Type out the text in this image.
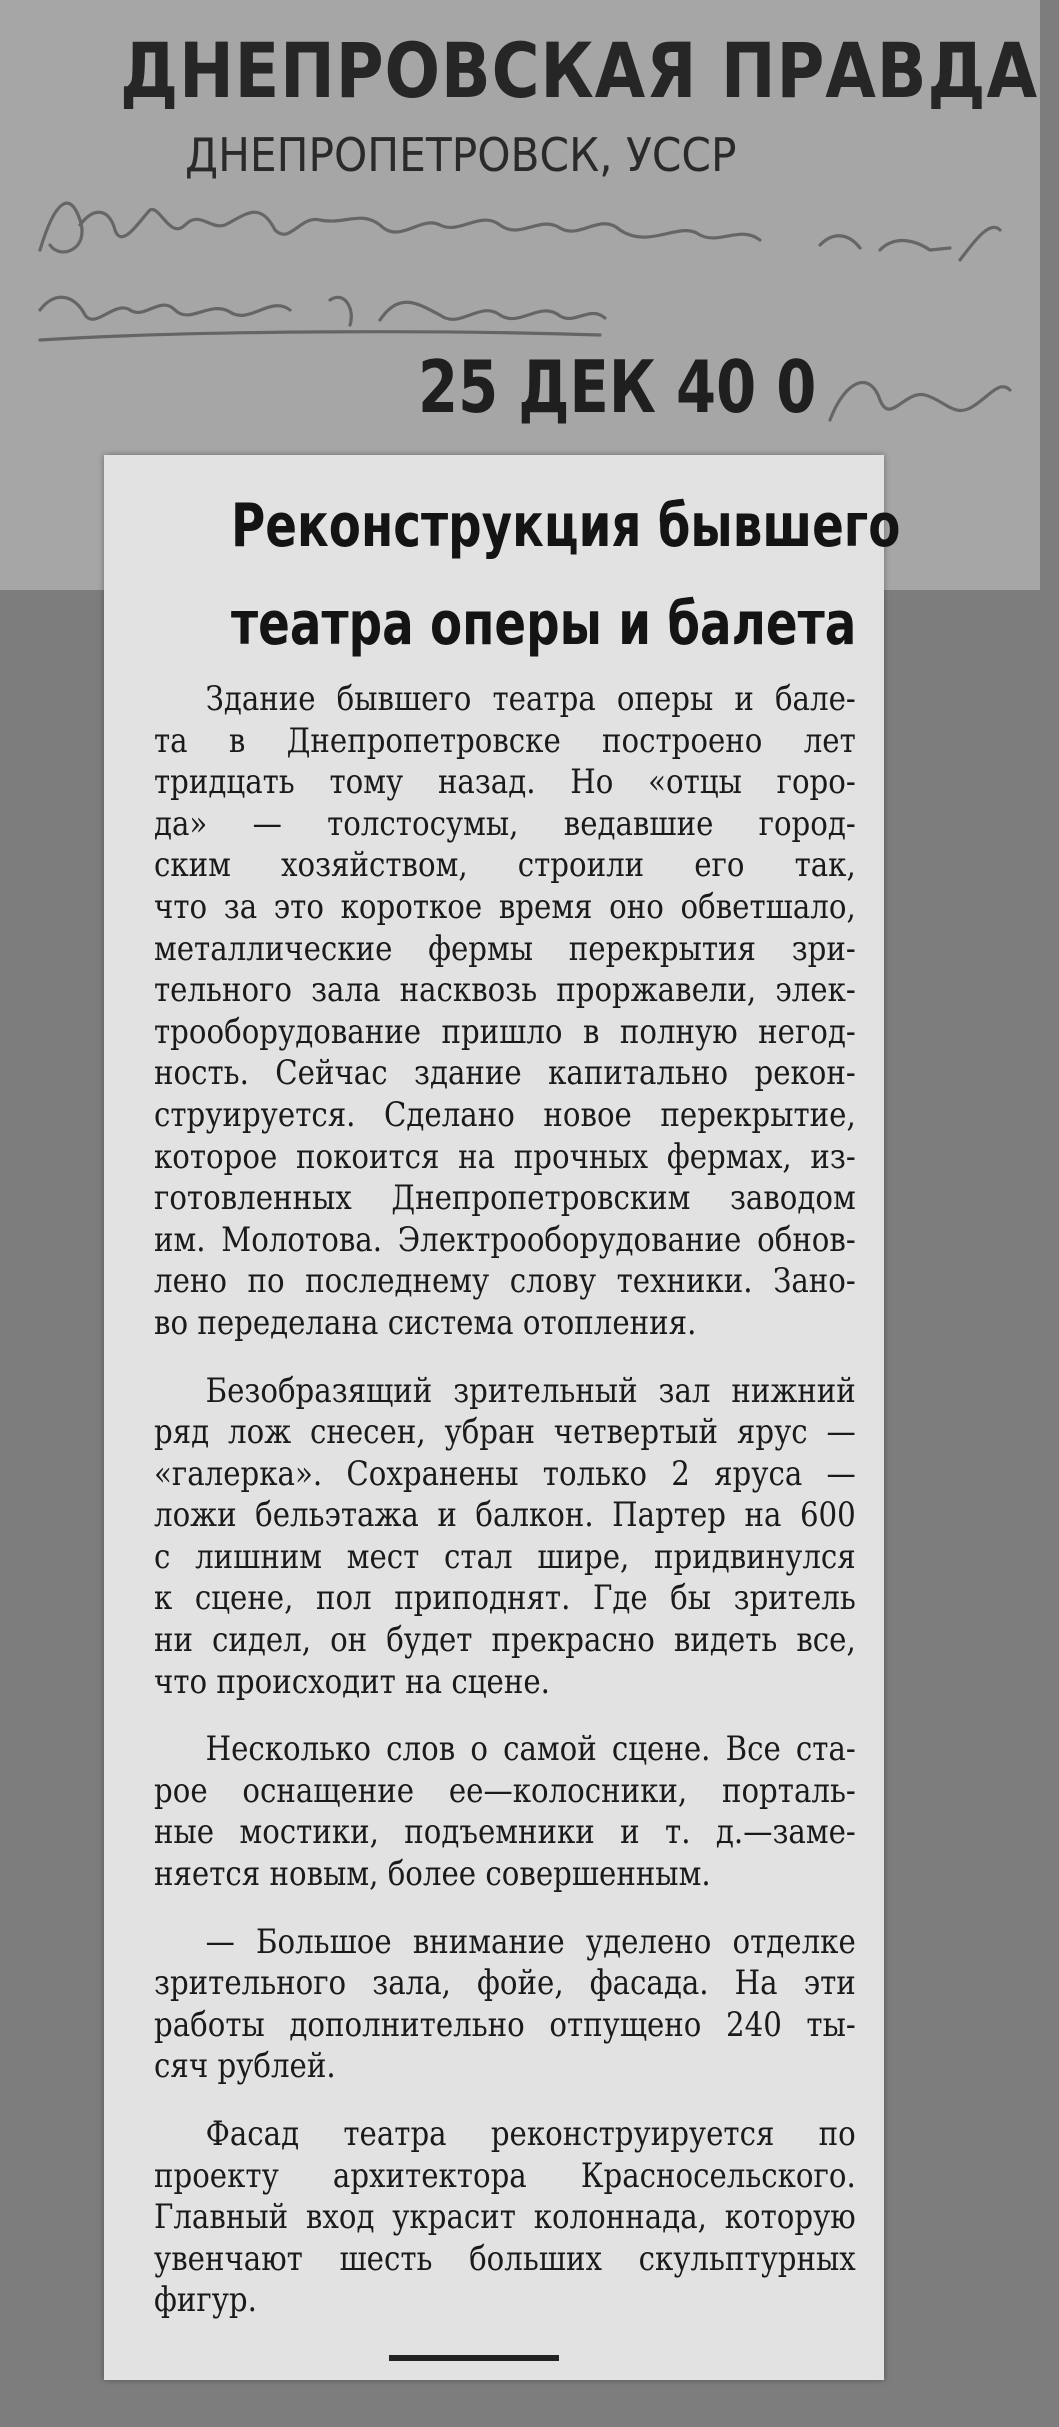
ДНЕПРОВСКАЯ ПРАВДА
ДНЕПРОПЕТРОВСК, УССР
25 ДЕК 40 0
Реконструкция бывшего
театра оперы и балета
Здание бывшего театра оперы и бале-
та в Днепропетровске построено лет
тридцать тому назад. Но «отцы горо-
да» — толстосумы, ведавшие город-
ским хозяйством, строили его так,
что за это короткое время оно обветшало,
металлические фермы перекрытия зри-
тельного зала насквозь проржавели, элек-
трооборудование пришло в полную негод-
ность. Сейчас здание капитально рекон-
струируется. Сделано новое перекрытие,
которое покоится на прочных фермах, из-
готовленных Днепропетровским заводом
им. Молотова. Электрооборудование обнов-
лено по последнему слову техники. Зано-
во переделана система отопления.
Безобразящий зрительный зал нижний
ряд лож снесен, убран четвертый ярус —
«галерка». Сохранены только 2 яруса —
ложи бельэтажа и балкон. Партер на 600
с лишним мест стал шире, придвинулся
к сцене, пол приподнят. Где бы зритель
ни сидел, он будет прекрасно видеть все,
что происходит на сцене.
Несколько слов о самой сцене. Все ста-
рое оснащение ее—колосники, порталь-
ные мостики, подъемники и т. д.—заме-
няется новым, более совершенным.
— Большое внимание уделено отделке
зрительного зала, фойе, фасада. На эти
работы дополнительно отпущено 240 ты-
сяч рублей.
Фасад театра реконструируется по
проекту архитектора Красносельского.
Главный вход украсит колоннада, которую
увенчают шесть больших скульптурных
фигур.
